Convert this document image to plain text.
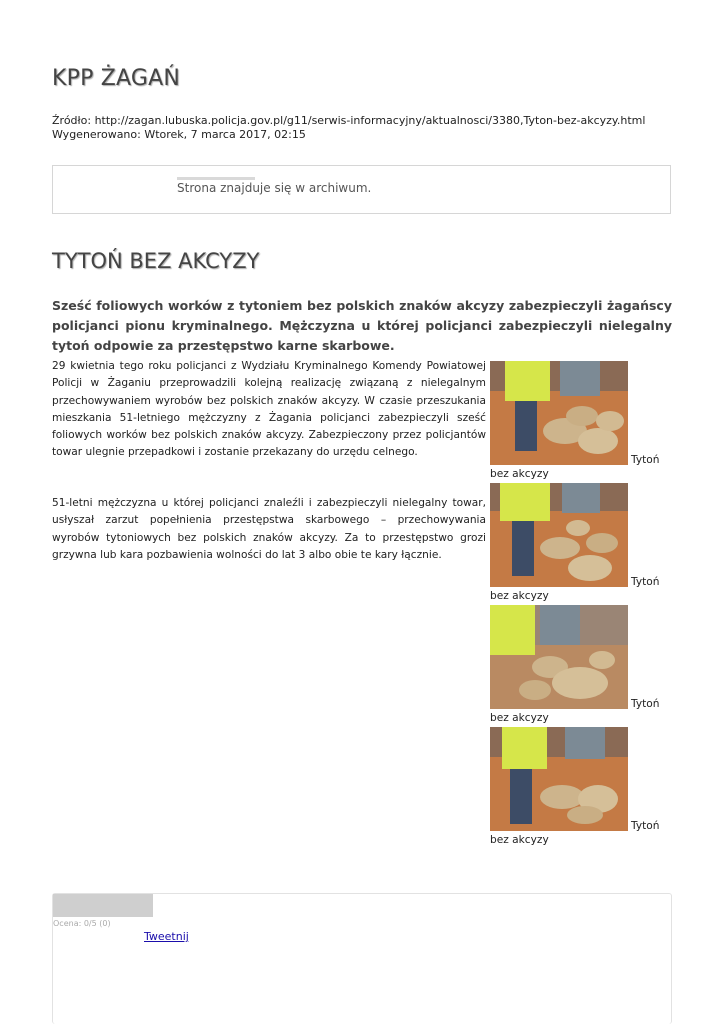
KPP ŻAGAŃ
Źródło: http://zagan.lubuska.policja.gov.pl/g11/serwis-informacyjny/aktualnosci/3380,Tyton-bez-akcyzy.html
Wygenerowano: Wtorek, 7 marca 2017, 02:15
Strona znajduje się w archiwum.
TYTOŃ BEZ AKCYZY

Sześć foliowych worków z tytoniem bez polskich znaków akcyzy zabezpieczyli żagańscy policjanci pionu kryminalnego. Mężczyzna u której policjanci zabezpieczyli nielegalny tytoń odpowie za przestępstwo karne skarbowe.

29 kwietnia tego roku policjanci z Wydziału Kryminalnego Komendy Powiatowej Policji w Żaganiu przeprowadzili kolejną realizację związaną z nielegalnym przechowywaniem wyrobów bez polskich znaków akcyzy. W czasie przeszukania mieszkania 51-letniego mężczyzny z Żagania policjanci zabezpieczyli sześć foliowych worków bez polskich znaków akcyzy. Zabezpieczony przez policjantów towar ulegnie przepadkowi i zostanie przekazany do urzędu celnego.

51-letni mężczyzna u której policjanci znaleźli i zabezpieczyli nielegalny towar, usłyszał zarzut popełnienia przestępstwa skarbowego – przechowywania wyrobów tytoniowych bez polskich znaków akcyzy. Za to przestępstwo grozi grzywna lub kara pozbawienia wolności do lat 3 albo obie te kary łącznie.

Tytoń
bez akcyzy
Tytoń
bez akcyzy
Tytoń
bez akcyzy
Tytoń
bez akcyzy
Ocena: 0/5 (0)
Tweetnij
